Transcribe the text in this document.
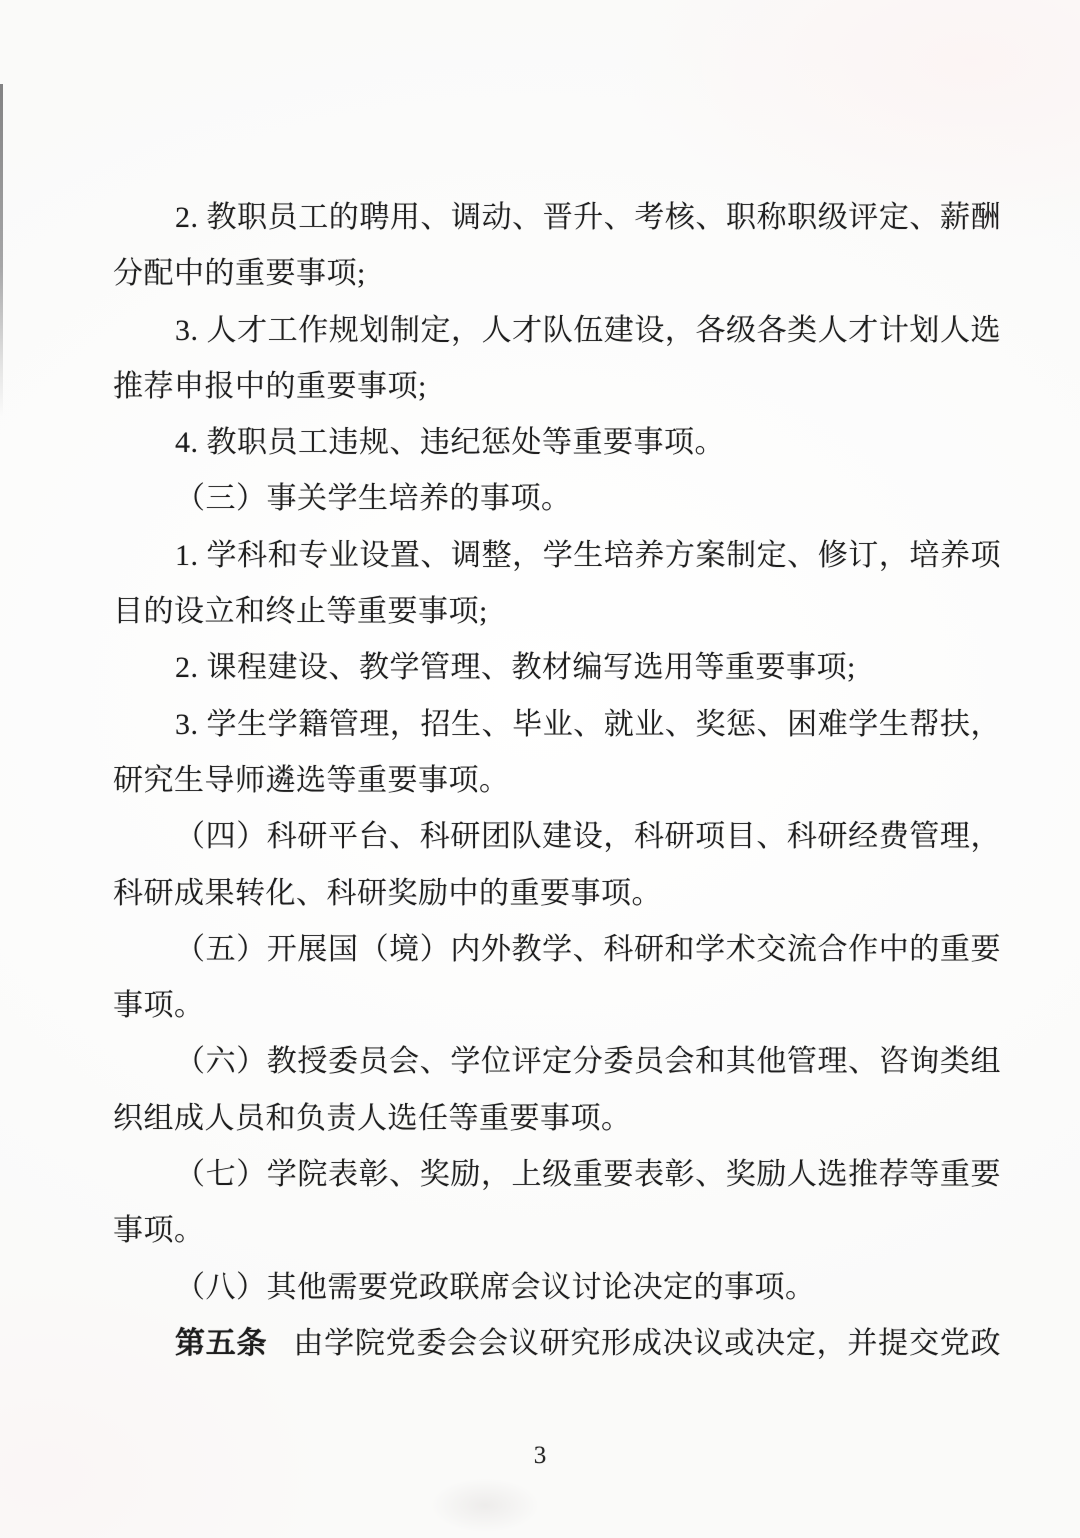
2. 教职员工的聘用、调动、晋升、考核、职称职级评定、薪酬
分配中的重要事项;
3. 人才工作规划制定，人才队伍建设，各级各类人才计划人选
推荐申报中的重要事项;
4. 教职员工违规、违纪惩处等重要事项。
（三）事关学生培养的事项。
1. 学科和专业设置、调整，学生培养方案制定、修订，培养项
目的设立和终止等重要事项;
2. 课程建设、教学管理、教材编写选用等重要事项;
3. 学生学籍管理，招生、毕业、就业、奖惩、困难学生帮扶，
研究生导师遴选等重要事项。
（四）科研平台、科研团队建设，科研项目、科研经费管理，
科研成果转化、科研奖励中的重要事项。
（五）开展国（境）内外教学、科研和学术交流合作中的重要
事项。
（六）教授委员会、学位评定分委员会和其他管理、咨询类组
织组成人员和负责人选任等重要事项。
（七）学院表彰、奖励，上级重要表彰、奖励人选推荐等重要
事项。
（八）其他需要党政联席会议讨论决定的事项。
第五条 由学院党委会会议研究形成决议或决定，并提交党政
3
